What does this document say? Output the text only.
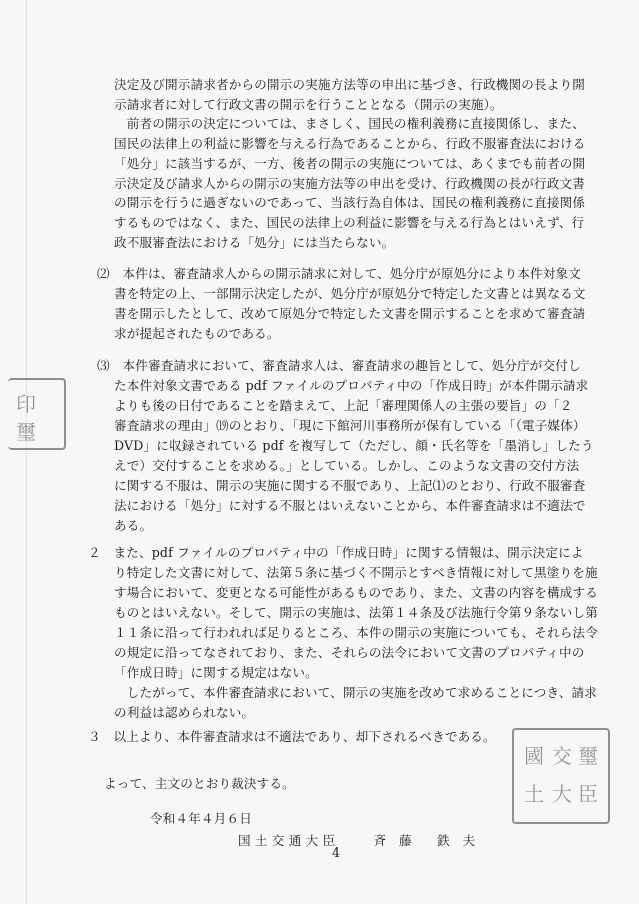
印
璽
國 交 璽
土 大 臣
決定及び開示請求者からの開示の実施方法等の申出に基づき、行政機関の長より開
示請求者に対して行政文書の開示を行うこととなる（開示の実施）。
　前者の開示の決定については、まさしく、国民の権利義務に直接関係し、また、
国民の法律上の利益に影響を与える行為であることから、行政不服審査法における
「処分」に該当するが、一方、後者の開示の実施については、あくまでも前者の開
示決定及び請求人からの開示の実施方法等の申出を受け、行政機関の長が行政文書
の開示を行うに過ぎないのであって、当該行為自体は、国民の権利義務に直接関係
するものではなく、また、国民の法律上の利益に影響を与える行為とはいえず、行
政不服審査法における「処分」には当たらない。
⑵　本件は、審査請求人からの開示請求に対して、処分庁が原処分により本件対象文
書を特定の上、一部開示決定したが、処分庁が原処分で特定した文書とは異なる文
書を開示したとして、改めて原処分で特定した文書を開示することを求めて審査請
求が提起されたものである。
⑶　本件審査請求において、審査請求人は、審査請求の趣旨として、処分庁が交付し
た本件対象文書である pdf ファイルのプロパティ中の「作成日時」が本件開示請求
よりも後の日付であることを踏まえて、上記「審理関係人の主張の要旨」の「２
審査請求の理由」⒆のとおり、「現に下館河川事務所が保有している「（電子媒体）
DVD」に収録されている pdf を複写して（ただし、顔・氏名等を「墨消し」したう
えで）交付することを求める。」としている。しかし、このような文書の交付方法
に関する不服は、開示の実施に関する不服であり、上記⑴のとおり、行政不服審査
法における「処分」に対する不服とはいえないことから、本件審査請求は不適法で
ある。
２　また、pdf ファイルのプロパティ中の「作成日時」に関する情報は、開示決定によ
り特定した文書に対して、法第５条に基づく不開示とすべき情報に対して黒塗りを施
す場合において、変更となる可能性があるものであり、また、文書の内容を構成する
ものとはいえない。そして、開示の実施は、法第１４条及び法施行令第９条ないし第
１１条に沿って行われれば足りるところ、本件の開示の実施についても、それら法令
の規定に沿ってなされており、また、それらの法令において文書のプロパティ中の
「作成日時」に関する規定はない。
　したがって、本件審査請求において、開示の実施を改めて求めることにつき、請求
の利益は認められない。
３　以上より、本件審査請求は不適法であり、却下されるべきである。
よって、主文のとおり裁決する。
令和４年４月６日
国 土 交 通 大 臣　　　斉　藤　　鉄　夫
4
